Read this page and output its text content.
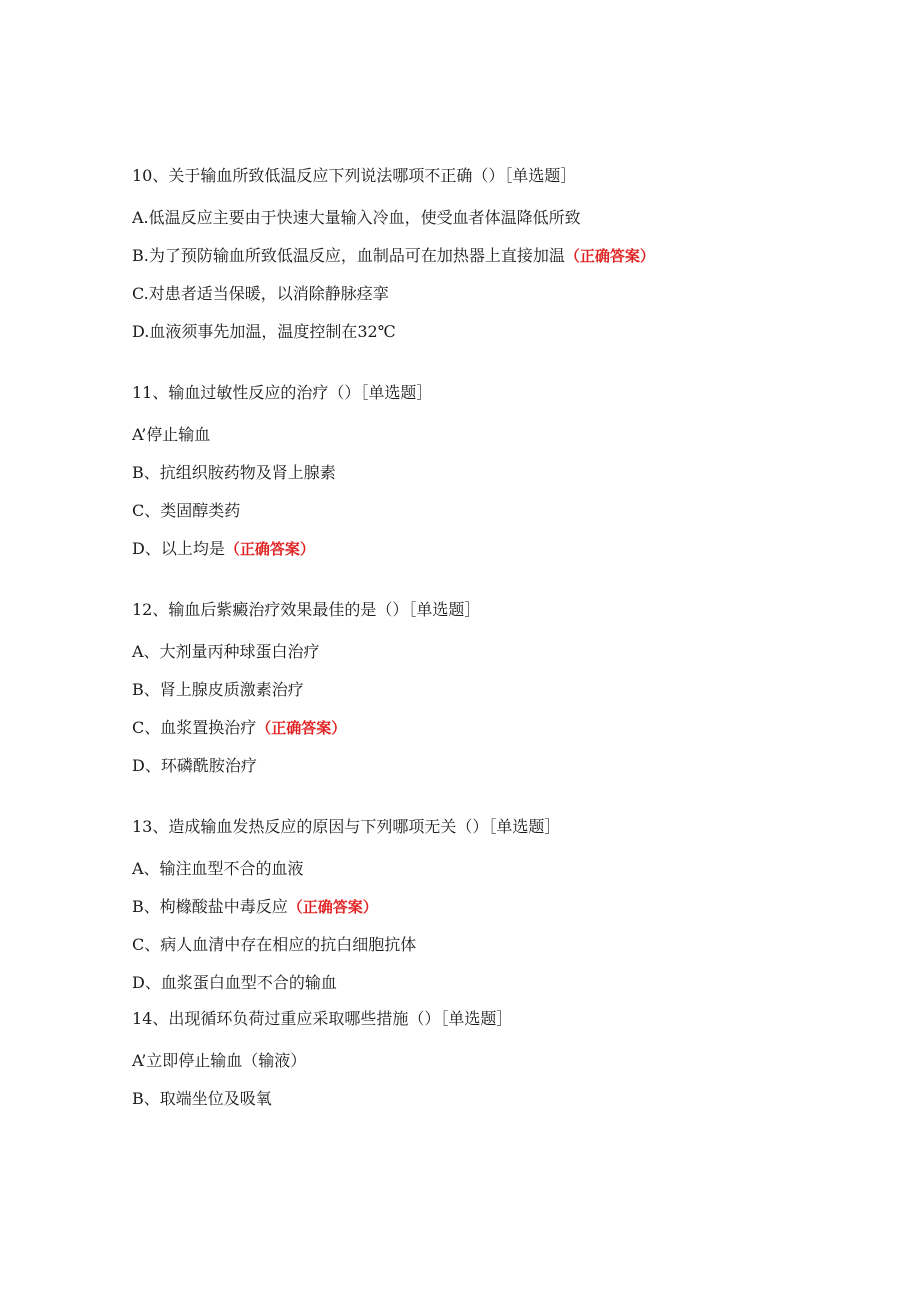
10、关于输血所致低温反应下列说法哪项不正确（）［单选题］
A.低温反应主要由于快速大量输入冷血，使受血者体温降低所致
B.为了预防输血所致低温反应，血制品可在加热器上直接加温（正确答案）
C.对患者适当保暖，以消除静脉痉挛
D.血液须事先加温，温度控制在32℃
11、输血过敏性反应的治疗（）［单选题］
A’停止输血
B、抗组织胺药物及肾上腺素
C、类固醇类药
D、以上均是（正确答案）
12、输血后紫癜治疗效果最佳的是（）［单选题］
A、大剂量丙种球蛋白治疗
B、肾上腺皮质激素治疗
C、血浆置换治疗（正确答案）
D、环磷酰胺治疗
13、造成输血发热反应的原因与下列哪项无关（）［单选题］
A、输注血型不合的血液
B、枸橼酸盐中毒反应（正确答案）
C、病人血清中存在相应的抗白细胞抗体
D、血浆蛋白血型不合的输血
14、出现循环负荷过重应采取哪些措施（）［单选题］
A’立即停止输血（输液）
B、取端坐位及吸氧
